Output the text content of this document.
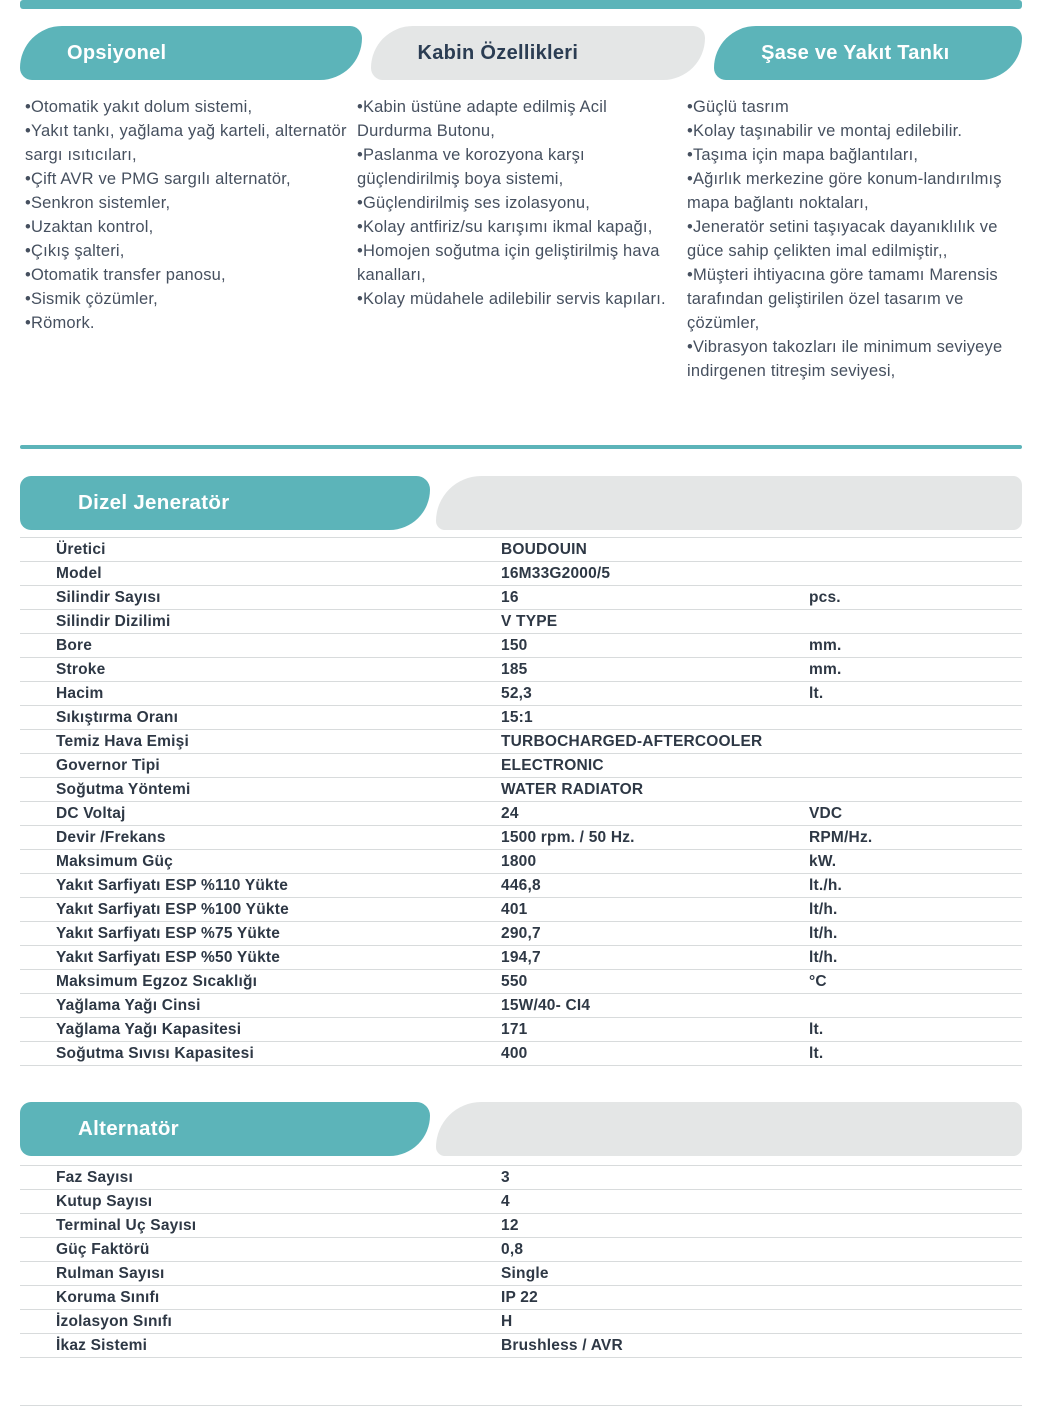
Opsiyonel	Kabin Özellikleri	Şase ve Yakıt Tankı
•Otomatik yakıt dolum sistemi,
•Yakıt tankı, yağlama yağ karteli, alternatör sargı ısıtıcıları,
•Çift AVR ve PMG sargılı alternatör,
•Senkron sistemler,
•Uzaktan kontrol,
•Çıkış şalteri,
•Otomatik transfer panosu,
•Sismik çözümler,
•Römork.
•Kabin üstüne adapte edilmiş Acil Durdurma Butonu,
•Paslanma ve korozyona karşı güçlendirilmiş boya sistemi,
•Güçlendirilmiş ses izolasyonu,
•Kolay antfiriz/su karışımı ikmal kapağı,
•Homojen soğutma için geliştirilmiş hava kanalları,
•Kolay müdahele adilebilir servis kapıları.
•Güçlü tasrım
•Kolay taşınabilir ve montaj edilebilir.
•Taşıma için mapa bağlantıları,
•Ağırlık merkezine göre konum-landırılmış mapa bağlantı noktaları,
•Jeneratör setini taşıyacak dayanıklılık ve güce sahip çelikten imal edilmiştir,,
•Müşteri ihtiyacına göre tamamı Marensis tarafından geliştirilen özel tasarım ve çözümler,
•Vibrasyon takozları ile minimum seviyeye indirgenen titreşim seviyesi,
Dizel Jeneratör
Üretici	BOUDOUIN
Model	16M33G2000/5
Silindir Sayısı	16	pcs.
Silindir Dizilimi	V TYPE
Bore	150	mm.
Stroke	185	mm.
Hacim	52,3	lt.
Sıkıştırma Oranı	15:1
Temiz Hava Emişi	TURBOCHARGED-AFTERCOOLER
Governor Tipi	ELECTRONIC
Soğutma Yöntemi	WATER RADIATOR
DC Voltaj	24	VDC
Devir /Frekans	1500 rpm. / 50 Hz.	RPM/Hz.
Maksimum Güç	1800	kW.
Yakıt Sarfiyatı ESP %110 Yükte	446,8	lt./h.
Yakıt Sarfiyatı ESP %100 Yükte	401	lt/h.
Yakıt Sarfiyatı ESP %75 Yükte	290,7	lt/h.
Yakıt Sarfiyatı ESP %50 Yükte	194,7	lt/h.
Maksimum Egzoz Sıcaklığı	550	°C
Yağlama Yağı Cinsi	15W/40- CI4
Yağlama Yağı Kapasitesi	171	lt.
Soğutma Sıvısı Kapasitesi	400	lt.
Alternatör
Faz Sayısı	3
Kutup Sayısı	4
Terminal Uç Sayısı	12
Güç Faktörü	0,8
Rulman Sayısı	Single
Koruma Sınıfı	IP 22
İzolasyon Sınıfı	H
İkaz Sistemi	Brushless / AVR
